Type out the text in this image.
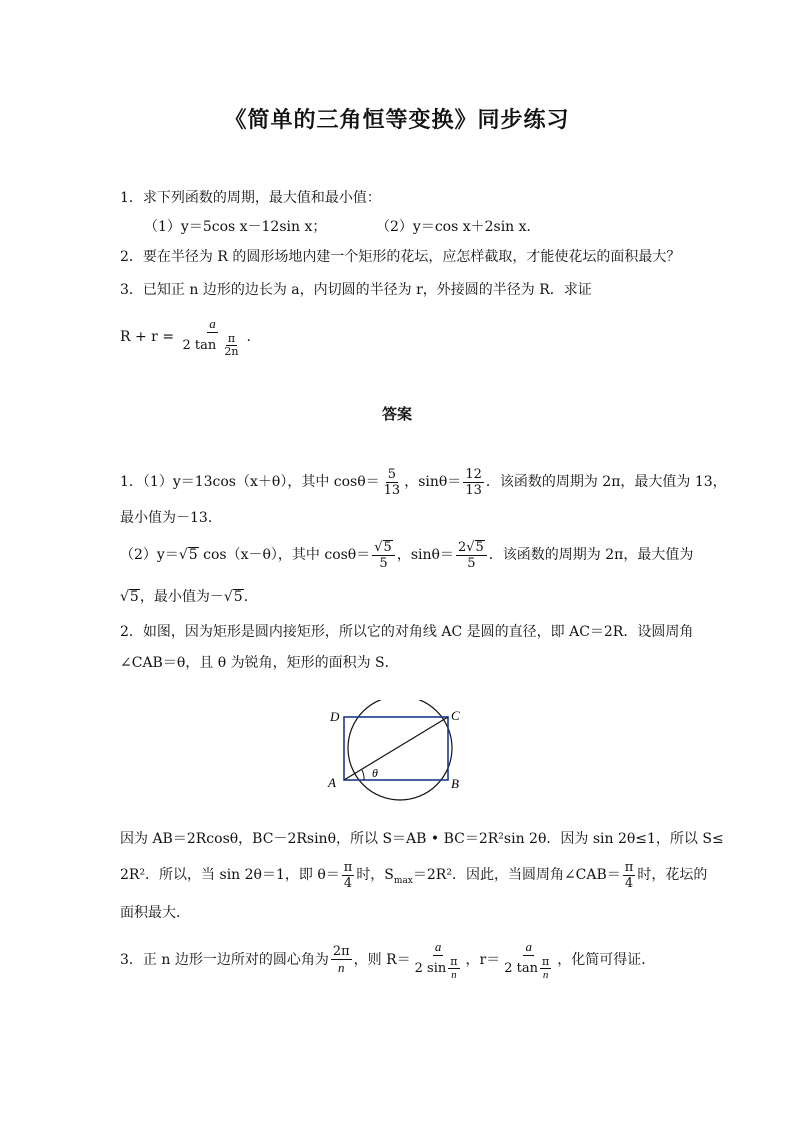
《简单的三角恒等变换》同步练习
1．求下列函数的周期，最大值和最小值：
（1）y＝5cos x－12sin x；	（2）y＝cos x＋2sin x．
2．要在半径为 R 的圆形场地内建一个矩形的花坛，应怎样截取，才能使花坛的面积最大？
3．已知正 n 边形的边长为 a，内切圆的半径为 r，外接圆的半径为 R．求证
$R + r = \frac{a}{2 \tan \frac{\pi}{2n}}$ .
答案
1．（1）y＝13cos（x＋θ），其中 $\cos\theta= \frac{5}{13}$ ，$\sin\theta= \frac{12}{13}$ ．该函数的周期为 2π，最大值为 13，
最小值为－13．
（2）y＝√5 cos（x－θ），其中 $\cos\theta= \frac{√5}{5}$ ，$\sin\theta= \frac{2√5}{5}$ ．该函数的周期为 2π，最大值为
√5，最小值为－√5．
2．如图，因为矩形是圆内接矩形，所以它的对角线 AC 是圆的直径，即 AC＝2R．设圆周角
∠CAB＝θ，且 θ 为锐角，矩形的面积为 S．
θ
A	B
C
D
因为 AB＝2Rcosθ，BC－2Rsinθ，所以 S＝AB • BC＝2R²sin 2θ．因为 sin 2θ≤1，所以 S≤
2R²．所以，当 sin 2θ＝1，即 $\theta= \frac{\pi}{4}$ 时，$S_{max}=2R^2$．因此，当圆周角∠CAB＝ $\frac{\pi}{4}$ 时，花坛的
面积最大．
3．正 n 边形一边所对的圆心角为 $\frac{2\pi}{n}$ ，则 $R= \frac{a}{2 \sin \frac{\pi}{n}}$ ，$r= \frac{a}{2 \tan \frac{\pi}{n}}$ ，化简可得证．
